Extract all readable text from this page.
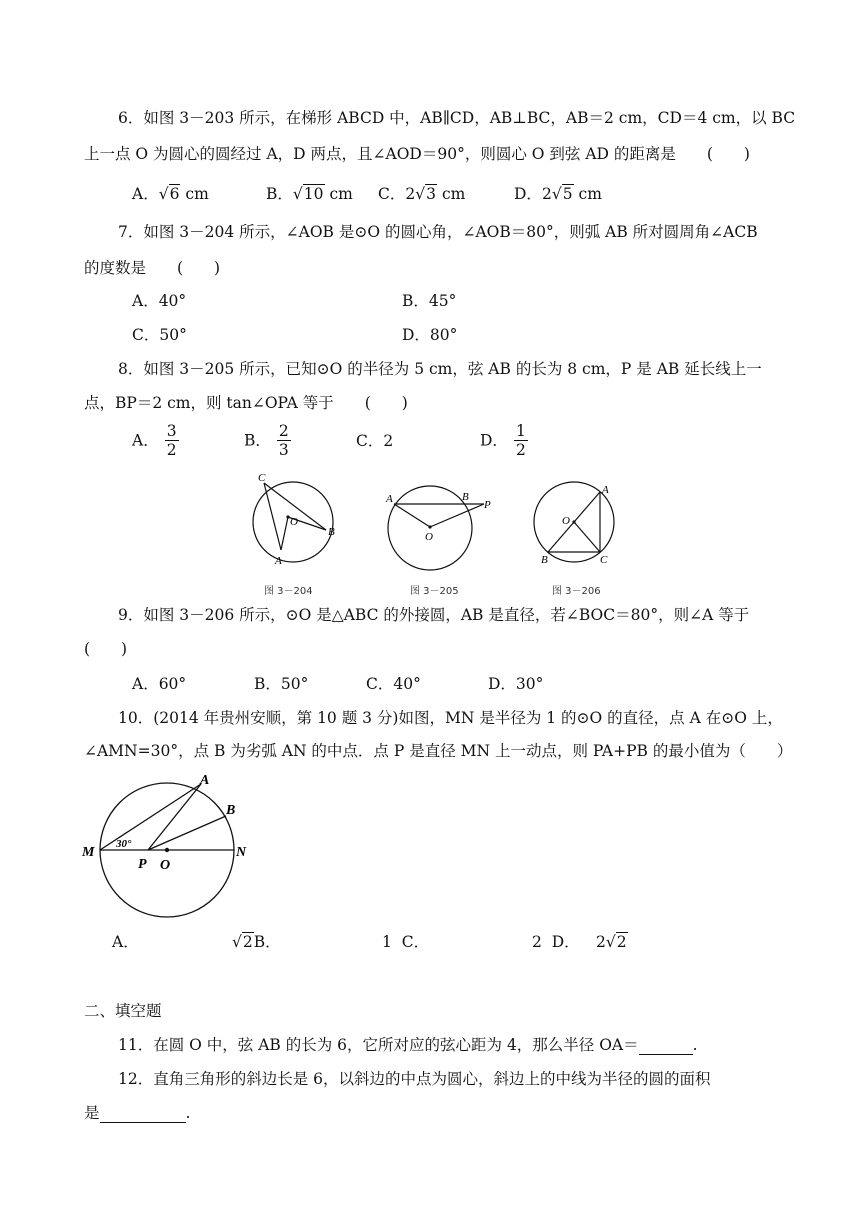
6．如图 3－203 所示，在梯形 ABCD 中，AB∥CD，AB⊥BC，AB＝2 cm，CD＝4 cm，以 BC
上一点 O 为圆心的圆经过 A，D 两点，且∠AOD＝90°，则圆心 O 到弦 AD 的距离是　　(　　)
A．√6 cm	B．√10 cm C．2√3 cm	D．2√5 cm
7．如图 3－204 所示，∠AOB 是⊙O 的圆心角，∠AOB＝80°，则弧 AB 所对圆周角∠ACB
的度数是　　(　　)
A．40°	B．45°
C．50°	D．80°
8．如图 3－205 所示，已知⊙O 的半径为 5 cm，弦 AB 的长为 8 cm，P 是 AB 延长线上一
点，BP＝2 cm，则 tan∠OPA 等于　　(　　)
A． $\frac{3}{2}$	B． $\frac{2}{3}$	C．2	D． $\frac{1}{2}$
C
O
B
A
图 3－204
A	B
P
O
图 3－205
A
O
B	C
图 3－206
9．如图 3－206 所示，⊙O 是△ABC 的外接圆，AB 是直径，若∠BOC＝80°，则∠A 等于
(　　)
A．60°	B．50°	C．40°	D．30°
10．(2014 年贵州安顺，第 10 题 3 分)如图，MN 是半径为 1 的⊙O 的直径，点 A 在⊙O 上，
∠AMN=30°，点 B 为劣弧 AN 的中点．点 P 是直径 MN 上一动点，则 PA+PB 的最小值为（　　）
30°
M	N
P O
A
B
A．	√2B．	1 C．	2 D． 2√2
二、填空题
11．在圆 O 中，弦 AB 的长为 6，它所对应的弦心距为 4，那么半径 OA＝	.
12．直角三角形的斜边长是 6，以斜边的中点为圆心，斜边上的中线为半径的圆的面积
是	.
